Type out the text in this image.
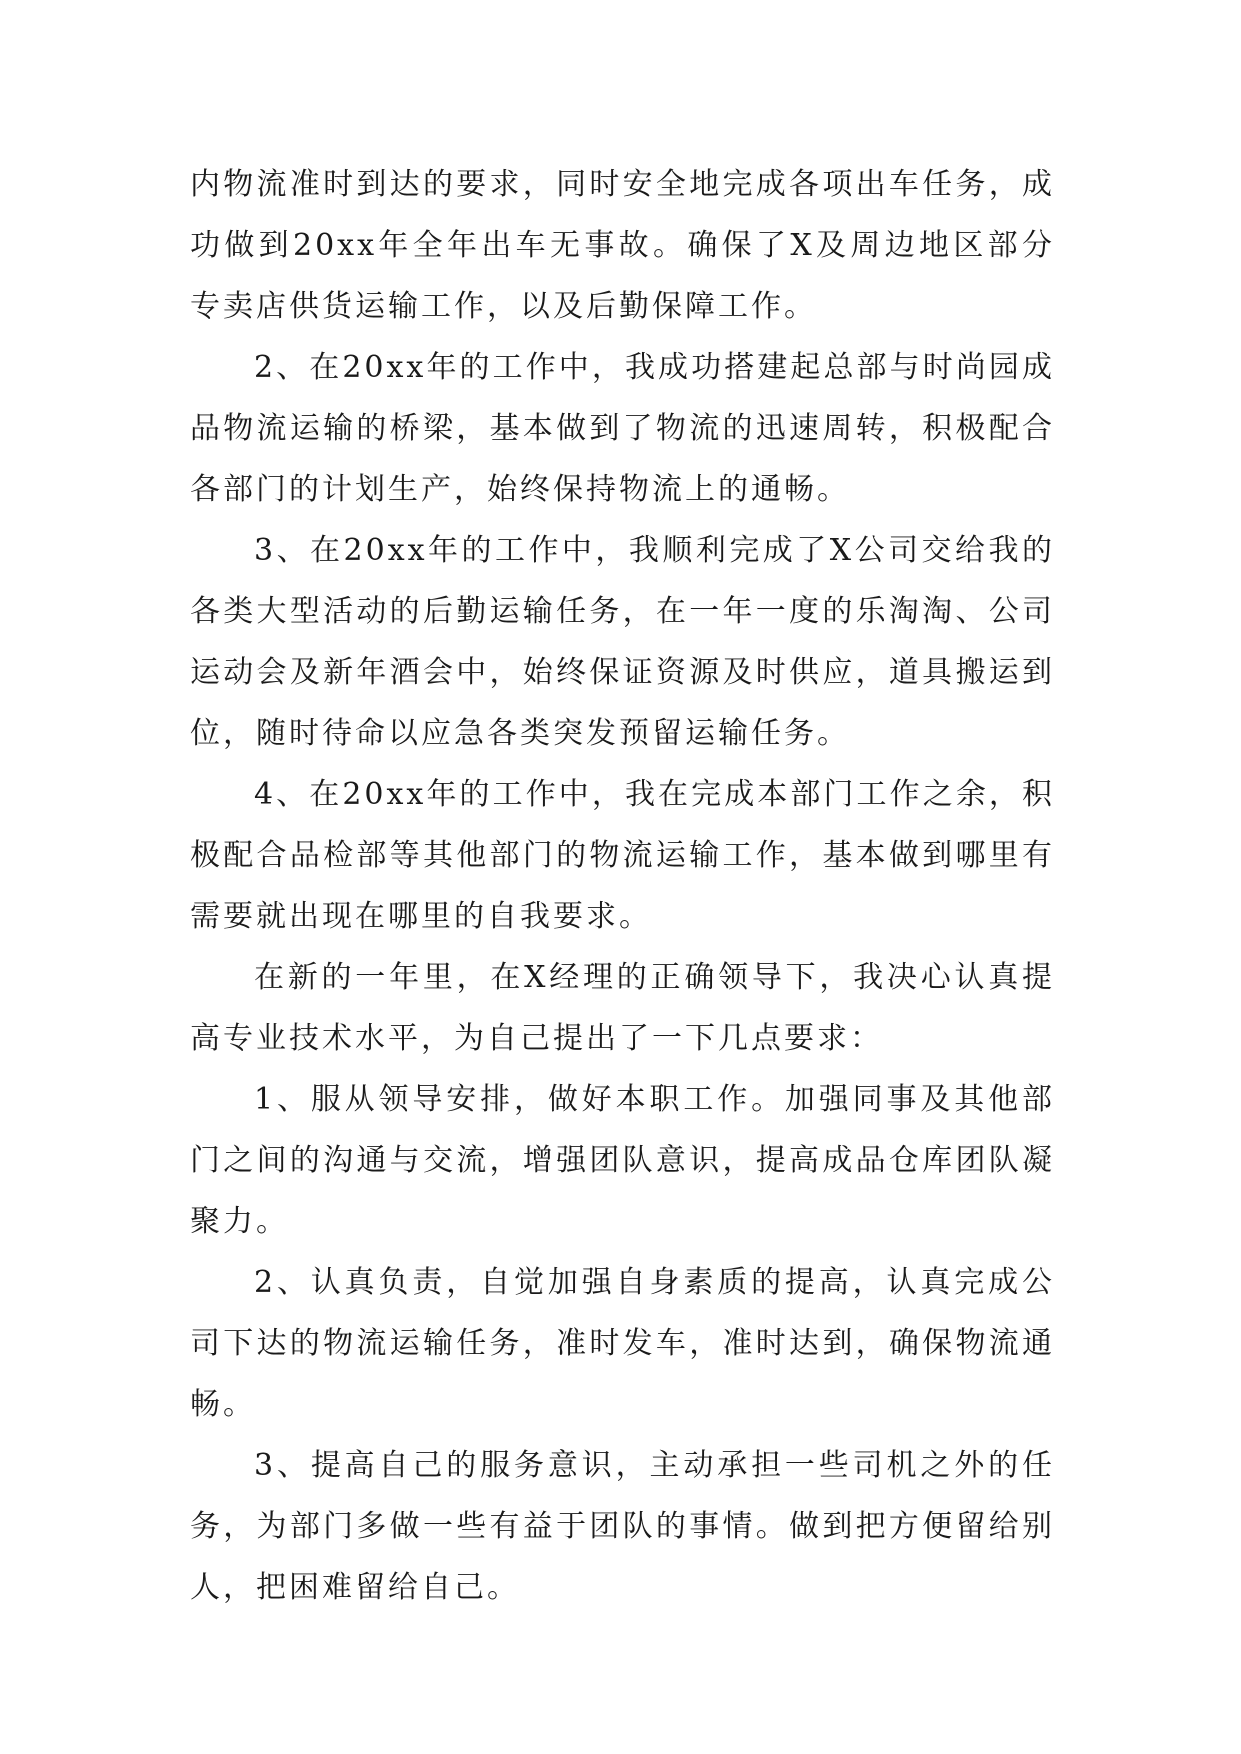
内物流准时到达的要求，同时安全地完成各项出车任务，成功做到20xx年全年出车无事故。确保了X及周边地区部分专卖店供货运输工作，以及后勤保障工作。

2、在20xx年的工作中，我成功搭建起总部与时尚园成品物流运输的桥梁，基本做到了物流的迅速周转，积极配合各部门的计划生产，始终保持物流上的通畅。

3、在20xx年的工作中，我顺利完成了X公司交给我的各类大型活动的后勤运输任务，在一年一度的乐淘淘、公司运动会及新年酒会中，始终保证资源及时供应，道具搬运到位，随时待命以应急各类突发预留运输任务。

4、在20xx年的工作中，我在完成本部门工作之余，积极配合品检部等其他部门的物流运输工作，基本做到哪里有需要就出现在哪里的自我要求。

在新的一年里，在X经理的正确领导下，我决心认真提高专业技术水平，为自己提出了一下几点要求：

1、服从领导安排，做好本职工作。加强同事及其他部门之间的沟通与交流，增强团队意识，提高成品仓库团队凝聚力。

2、认真负责，自觉加强自身素质的提高，认真完成公司下达的物流运输任务，准时发车，准时达到，确保物流通畅。

3、提高自己的服务意识，主动承担一些司机之外的任务，为部门多做一些有益于团队的事情。做到把方便留给别人，把困难留给自己。
